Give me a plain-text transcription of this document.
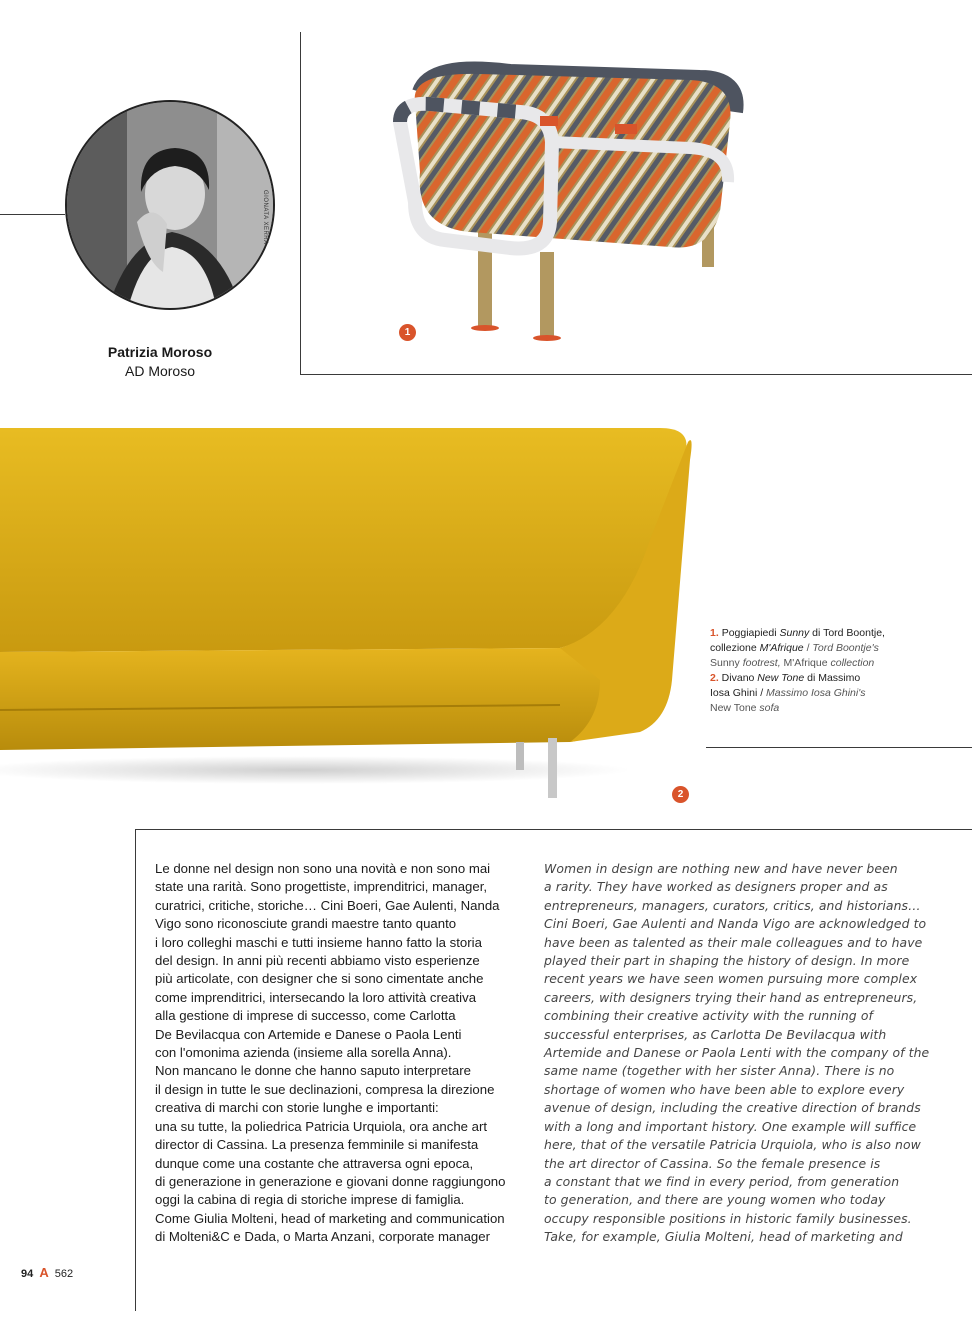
GIONATA XERRA
Patrizia Moroso
AD Moroso
1
2
1. Poggiapiedi Sunny di Tord Boontje,
collezione M'Afrique / Tord Boontje's
Sunny footrest, M'Afrique collection
2. Divano New Tone di Massimo
Iosa Ghini / Massimo Iosa Ghini's
New Tone sofa
Le donne nel design non sono una novità e non sono mai
state una rarità. Sono progettiste, imprenditrici, manager,
curatrici, critiche, storiche… Cini Boeri, Gae Aulenti, Nanda
Vigo sono riconosciute grandi maestre tanto quanto
i loro colleghi maschi e tutti insieme hanno fatto la storia
del design. In anni più recenti abbiamo visto esperienze
più articolate, con designer che si sono cimentate anche
come imprenditrici, intersecando la loro attività creativa
alla gestione di imprese di successo, come Carlotta
De Bevilacqua con Artemide e Danese o Paola Lenti
con l'omonima azienda (insieme alla sorella Anna).
Non mancano le donne che hanno saputo interpretare
il design in tutte le sue declinazioni, compresa la direzione
creativa di marchi con storie lunghe e importanti:
una su tutte, la poliedrica Patricia Urquiola, ora anche art
director di Cassina. La presenza femminile si manifesta
dunque come una costante che attraversa ogni epoca,
di generazione in generazione e giovani donne raggiungono
oggi la cabina di regia di storiche imprese di famiglia.
Come Giulia Molteni, head of marketing and communication
di Molteni&C e Dada, o Marta Anzani, corporate manager
Women in design are nothing new and have never been
a rarity. They have worked as designers proper and as
entrepreneurs, managers, curators, critics, and historians…
Cini Boeri, Gae Aulenti and Nanda Vigo are acknowledged to
have been as talented as their male colleagues and to have
played their part in shaping the history of design. In more
recent years we have seen women pursuing more complex
careers, with designers trying their hand as entrepreneurs,
combining their creative activity with the running of
successful enterprises, as Carlotta De Bevilacqua with
Artemide and Danese or Paola Lenti with the company of the
same name (together with her sister Anna). There is no
shortage of women who have been able to explore every
avenue of design, including the creative direction of brands
with a long and important history. One example will suffice
here, that of the versatile Patricia Urquiola, who is also now
the art director of Cassina. So the female presence is
a constant that we find in every period, from generation
to generation, and there are young women who today
occupy responsible positions in historic family businesses.
Take, for example, Giulia Molteni, head of marketing and
94 A 562
